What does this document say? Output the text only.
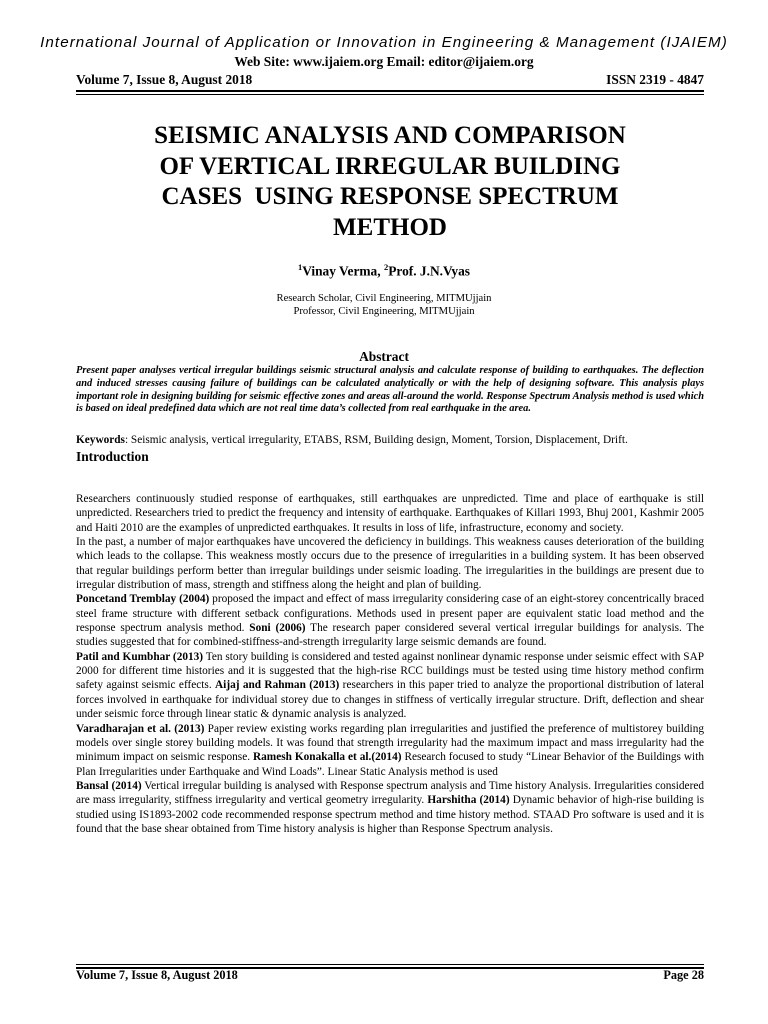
International Journal of Application or Innovation in Engineering & Management (IJAIEM)
Web Site: www.ijaiem.org Email: editor@ijaiem.org
Volume 7, Issue 8, August 2018	ISSN 2319 - 4847
SEISMIC ANALYSIS AND COMPARISON
OF VERTICAL IRREGULAR BUILDING
CASES  USING RESPONSE SPECTRUM
METHOD
$^1$Vinay Verma, $^2$Prof. J.N.Vyas
Research Scholar, Civil Engineering, MITMUjjain
Professor, Civil Engineering, MITMUjjain
Abstract
Present paper analyses vertical irregular buildings seismic structural analysis and calculate response of building to earthquakes. The deflection and induced stresses causing failure of buildings can be calculated analytically or with the help of designing software. This analysis plays important role in designing building for seismic effective zones and areas all-around the world. Response Spectrum Analysis method is used which is based on ideal predefined data which are not real time data’s collected from real earthquake in the area.
Keywords: Seismic analysis, vertical irregularity, ETABS, RSM, Building design, Moment, Torsion, Displacement, Drift.
Introduction

Researchers continuously studied response of earthquakes, still earthquakes are unpredicted. Time and place of earthquake is still unpredicted. Researchers tried to predict the frequency and intensity of earthquake. Earthquakes of Killari 1993, Bhuj 2001, Kashmir 2005 and Haiti 2010 are the examples of unpredicted earthquakes. It results in loss of life, infrastructure, economy and society.

In the past, a number of major earthquakes have uncovered the deficiency in buildings. This weakness causes deterioration of the building which leads to the collapse. This weakness mostly occurs due to the presence of irregularities in a building system. It has been observed that regular buildings perform better than irregular buildings under seismic loading. The irregularities in the buildings are present due to irregular distribution of mass, strength and stiffness along the height and plan of building.

Poncetand Tremblay (2004) proposed the impact and effect of mass irregularity considering case of an eight-storey concentrically braced steel frame structure with different setback configurations. Methods used in present paper are equivalent static load method and the response spectrum analysis method. Soni (2006) The research paper considered several vertical irregular buildings for analysis. The studies suggested that for combined-stiffness-and-strength irregularity large seismic demands are found.

Patil and Kumbhar (2013) Ten story building is considered and tested against nonlinear dynamic response under seismic effect with SAP 2000 for different time histories and it is suggested that the high-rise RCC buildings must be tested using time history method confirm safety against seismic effects. Aijaj and Rahman (2013) researchers in this paper tried to analyze the proportional distribution of lateral forces involved in earthquake for individual storey due to changes in stiffness of vertically irregular structure. Drift, deflection and shear under seismic force through linear static & dynamic analysis is analyzed.

Varadharajan et al. (2013) Paper review existing works regarding plan irregularities and justified the preference of multistorey building models over single storey building models. It was found that strength irregularity had the maximum impact and mass irregularity had the minimum impact on seismic response. Ramesh Konakalla et al.(2014) Research focused to study “Linear Behavior of the Buildings with Plan Irregularities under Earthquake and Wind Loads”. Linear Static Analysis method is used

Bansal (2014) Vertical irregular building is analysed with Response spectrum analysis and Time history Analysis. Irregularities considered are mass irregularity, stiffness irregularity and vertical geometry irregularity. Harshitha (2014) Dynamic behavior of high-rise building is studied using IS1893-2002 code recommended response spectrum method and time history method. STAAD Pro software is used and it is found that the base shear obtained from Time history analysis is higher than Response Spectrum analysis.

Volume 7, Issue 8, August 2018	Page 28
